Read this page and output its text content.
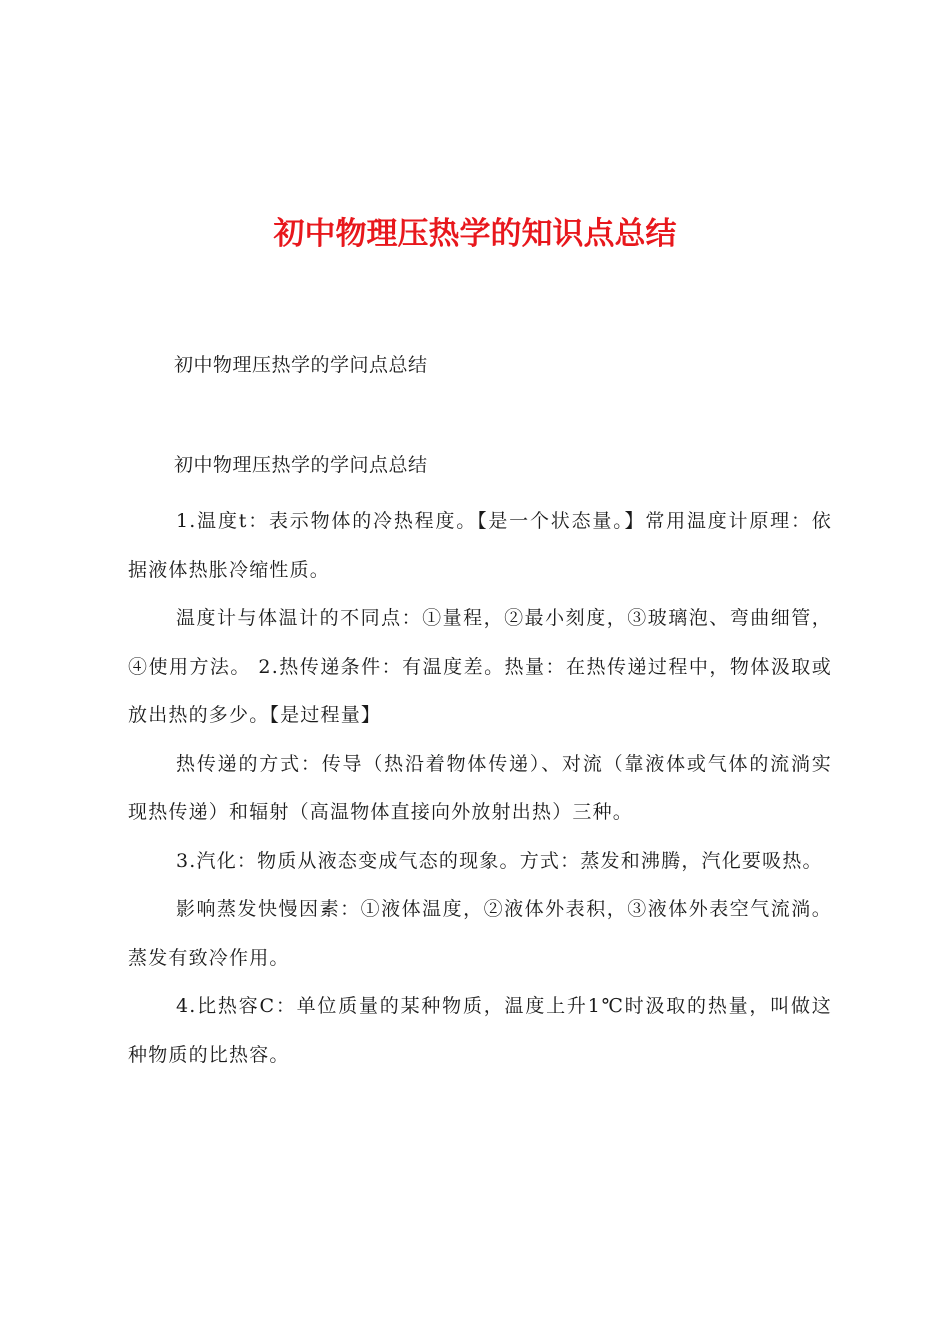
初中物理压热学的知识点总结

初中物理压热学的学问点总结

初中物理压热学的学问点总结

1.温度t：表示物体的冷热程度。【是一个状态量。】常用温度计原理：依据液体热胀冷缩性质。

温度计与体温计的不同点：①量程，②最小刻度，③玻璃泡、弯曲细管，④使用方法。 2.热传递条件：有温度差。热量：在热传递过程中，物体汲取或放出热的多少。【是过程量】

热传递的方式：传导（热沿着物体传递）、对流（靠液体或气体的流淌实现热传递）和辐射（高温物体直接向外放射出热）三种。

3.汽化：物质从液态变成气态的现象。方式：蒸发和沸腾，汽化要吸热。

影响蒸发快慢因素：①液体温度，②液体外表积，③液体外表空气流淌。蒸发有致冷作用。

4.比热容C：单位质量的某种物质，温度上升1℃时汲取的热量，叫做这种物质的比热容。
